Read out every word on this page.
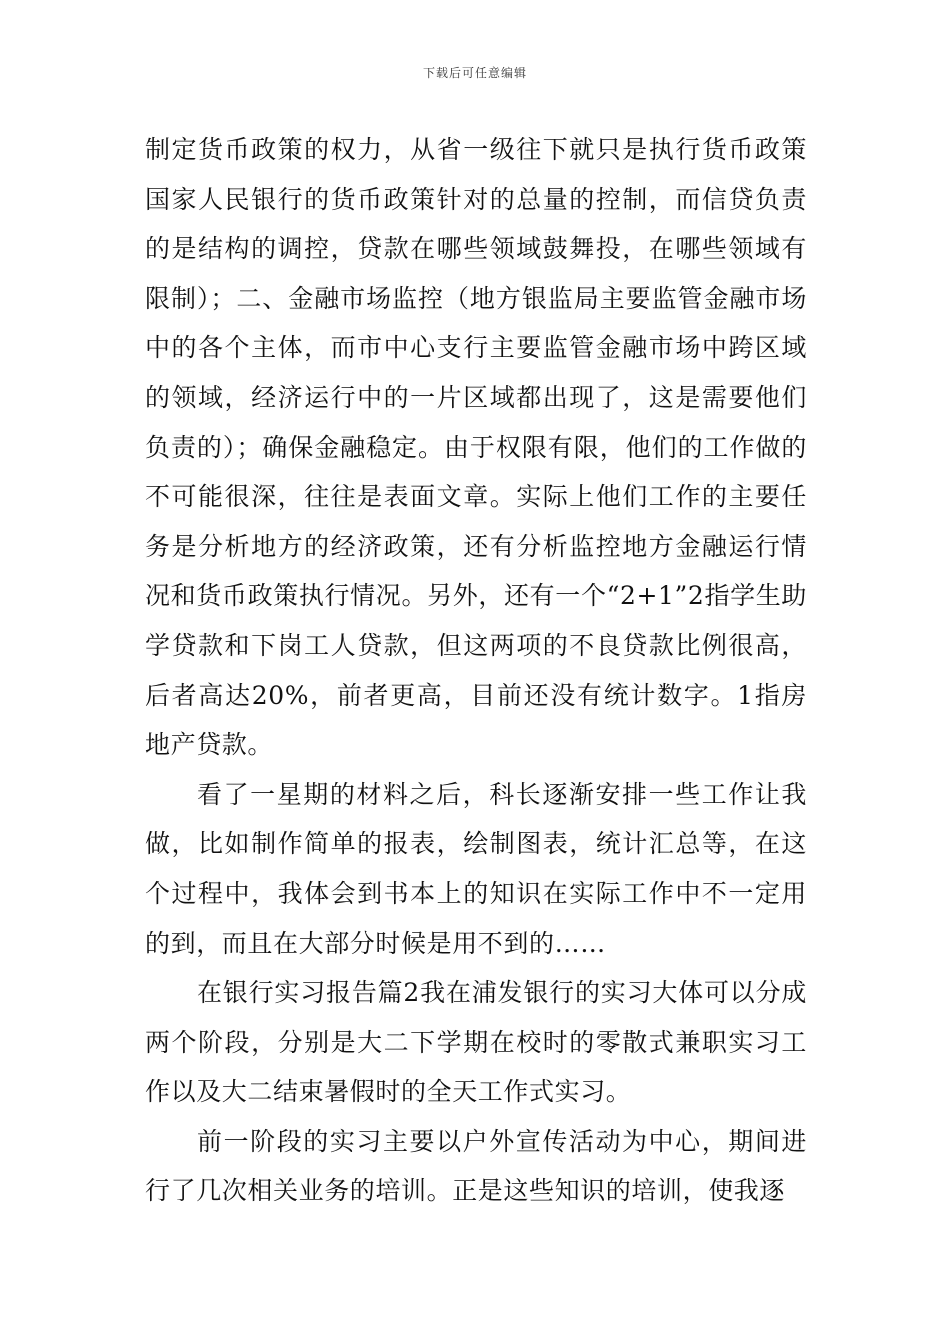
下载后可任意编辑

制定货币政策的权力，从省一级往下就只是执行货币政策国家人民银行的货币政策针对的总量的控制，而信贷负责的是结构的调控，贷款在哪些领域鼓舞投，在哪些领域有限制）；二、金融市场监控（地方银监局主要监管金融市场中的各个主体，而市中心支行主要监管金融市场中跨区域的领域，经济运行中的一片区域都出现了，这是需要他们负责的）；确保金融稳定。由于权限有限，他们的工作做的不可能很深，往往是表面文章。实际上他们工作的主要任务是分析地方的经济政策，还有分析监控地方金融运行情况和货币政策执行情况。另外，还有一个“2+1”2指学生助学贷款和下岗工人贷款，但这两项的不良贷款比例很高，后者高达20%，前者更高，目前还没有统计数字。1指房地产贷款。

看了一星期的材料之后，科长逐渐安排一些工作让我做，比如制作简单的报表，绘制图表，统计汇总等，在这个过程中，我体会到书本上的知识在实际工作中不一定用的到，而且在大部分时候是用不到的……

在银行实习报告篇2我在浦发银行的实习大体可以分成两个阶段，分别是大二下学期在校时的零散式兼职实习工作以及大二结束暑假时的全天工作式实习。

前一阶段的实习主要以户外宣传活动为中心，期间进行了几次相关业务的培训。正是这些知识的培训，使我逐
